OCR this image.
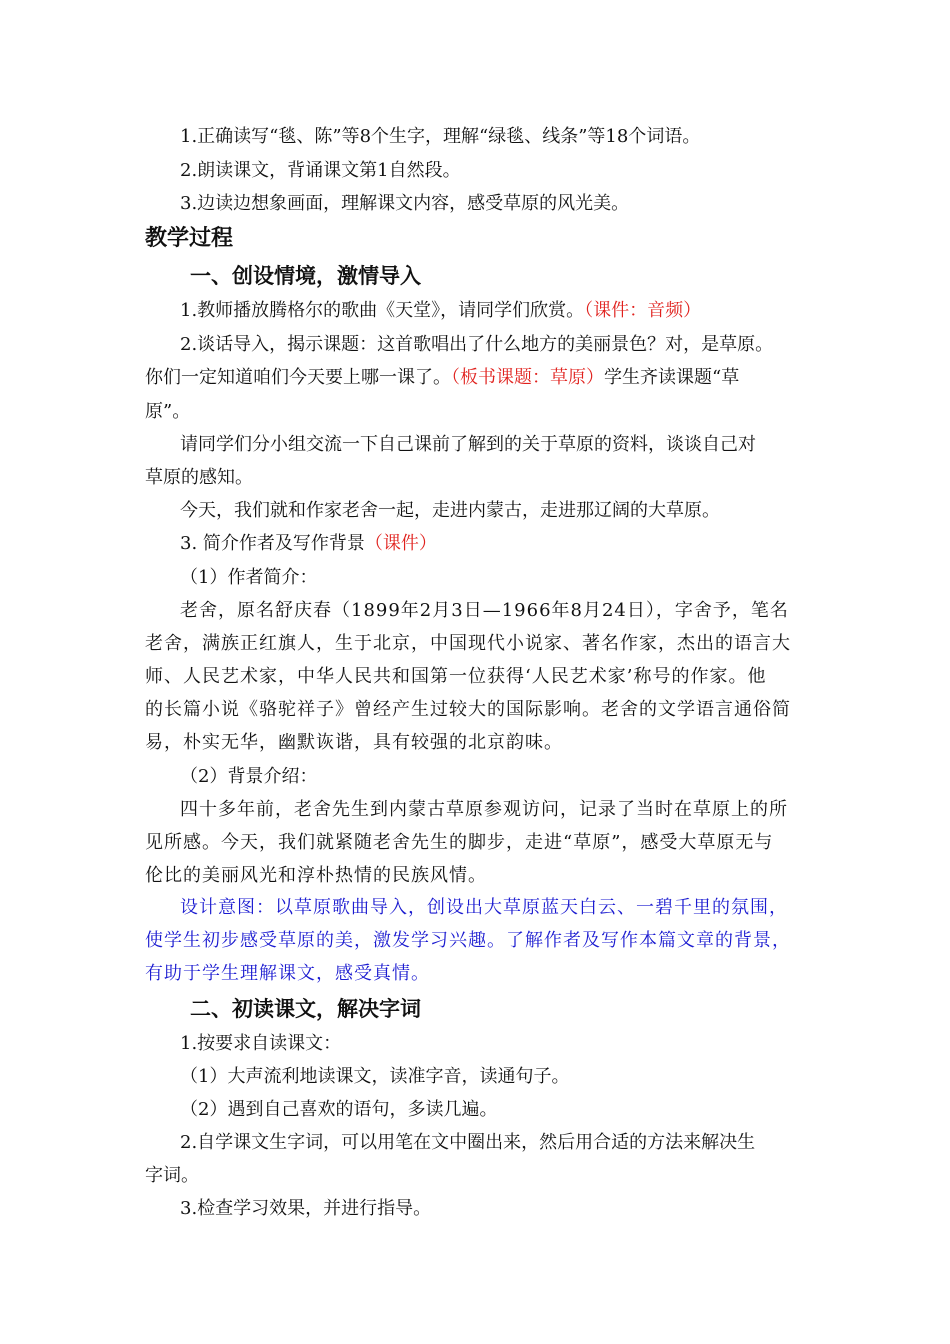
1.正确读写“毯、陈”等8个生字，理解“绿毯、线条”等18个词语。
2.朗读课文，背诵课文第1自然段。
3.边读边想象画面，理解课文内容，感受草原的风光美。
教学过程
一、创设情境，激情导入
1.教师播放腾格尔的歌曲《天堂》，请同学们欣赏。（课件：音频）
2.谈话导入，揭示课题：这首歌唱出了什么地方的美丽景色？对，是草原。
你们一定知道咱们今天要上哪一课了。（板书课题：草原）学生齐读课题“草
原”。
请同学们分小组交流一下自己课前了解到的关于草原的资料，谈谈自己对
草原的感知。
今天，我们就和作家老舍一起，走进内蒙古，走进那辽阔的大草原。
3. 简介作者及写作背景（课件）
（1）作者简介：
老舍，原名舒庆春（1899年2月3日—1966年8月24日），字舍予，笔名
老舍，满族正红旗人，生于北京，中国现代小说家、著名作家，杰出的语言大
师、人民艺术家，中华人民共和国第一位获得‘人民艺术家’称号的作家。他
的长篇小说《骆驼祥子》曾经产生过较大的国际影响。老舍的文学语言通俗简
易，朴实无华，幽默诙谐，具有较强的北京韵味。
（2）背景介绍：
四十多年前，老舍先生到内蒙古草原参观访问，记录了当时在草原上的所
见所感。今天，我们就紧随老舍先生的脚步，走进“草原”，感受大草原无与
伦比的美丽风光和淳朴热情的民族风情。
设计意图：以草原歌曲导入，创设出大草原蓝天白云、一碧千里的氛围，
使学生初步感受草原的美，激发学习兴趣。了解作者及写作本篇文章的背景，
有助于学生理解课文，感受真情。
二、初读课文，解决字词
1.按要求自读课文：
（1）大声流利地读课文，读准字音，读通句子。
（2）遇到自己喜欢的语句，多读几遍。
2.自学课文生字词，可以用笔在文中圈出来，然后用合适的方法来解决生
字词。
3.检查学习效果，并进行指导。
